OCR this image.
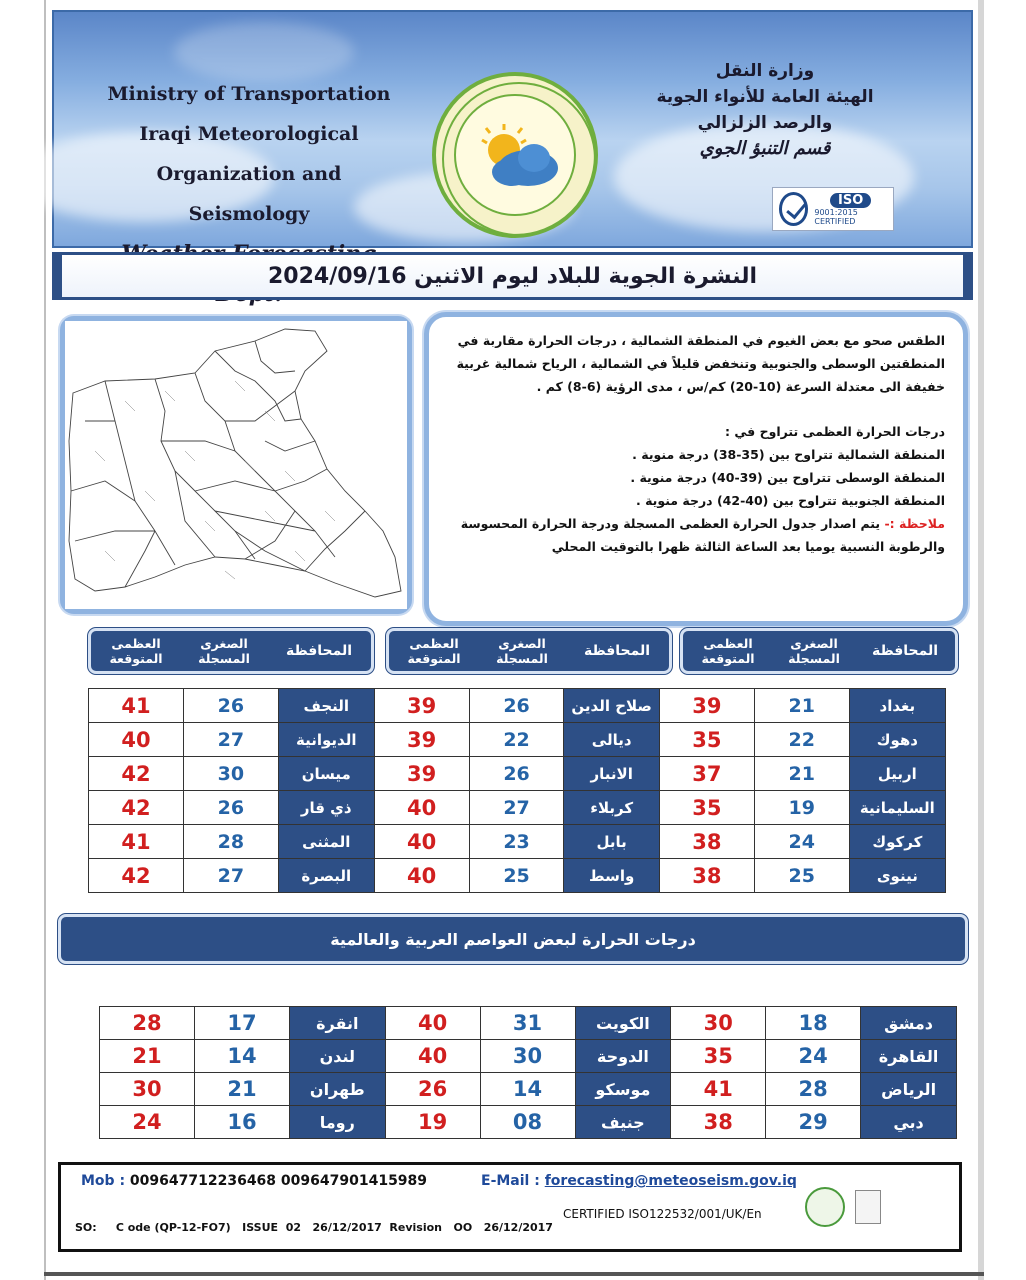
Ministry of Transportation
Iraqi Meteorological
Organization and Seismology
وزارة النقل
الهيئة العامة للأنواء الجوية
والرصد الزلزالي
قسم التنبؤ الجوي
ISO
9001:2015 CERTIFIED
النشرة الجوية للبلاد ليوم الاثنين 2024/09/16

الطقس صحو مع بعض الغيوم في المنطقة الشمالية ، درجات الحرارة مقاربة في المنطقتين الوسطى والجنوبية وتنخفض قليلاً في الشمالية ، الرياح شمالية غربية خفيفة الى معتدلة السرعة (10-20) كم/س ، مدى الرؤية (6-8) كم .

درجات الحرارة العظمى تتراوح في :

المنطقة الشمالية تتراوح بين (35-38) درجة منوية .

المنطقة الوسطى تتراوح بين (39-40) درجة منوية .

المنطقة الجنوبية تتراوح بين (40-42) درجة منوية .

ملاحظة :- يتم اصدار جدول الحرارة العظمى المسجلة ودرجة الحرارة المحسوسة والرطوبة النسبية يوميا بعد الساعة الثالثة ظهرا بالتوقيت المحلي

المحافظة
الصغرى المسجلة
العظمى المتوقعة
المحافظة
الصغرى المسجلة
العظمى المتوقعة
المحافظة
الصغرى المسجلة
العظمى المتوقعة
بغداد	21	39	صلاح الدين	26	39	النجف	26	41
دهوك	22	35	ديالى	22	39	الديوانية	27	40
اربيل	21	37	الانبار	26	39	ميسان	30	42
السليمانية	19	35	كربلاء	27	40	ذي قار	26	42
كركوك	24	38	بابل	23	40	المثنى	28	41
نينوى	25	38	واسط	25	40	البصرة	27	42
درجات الحرارة لبعض العواصم العربية والعالمية
دمشق	18	30	الكويت	31	40	انقرة	17	28
القاهرة	24	35	الدوحة	30	40	لندن	14	21
الرياض	28	41	موسكو	14	26	طهران	21	30
دبي	29	38	جنيف	08	19	روما	16	24
Mob : 009647712236468 009647901415989	E-Mail : forecasting@meteoseism.gov.iq
CERTIFIED ISO122532/001/UK/En
SO:     C ode (QP-12-FO7)   ISSUE  02   26/12/2017  Revision   OO   26/12/2017
